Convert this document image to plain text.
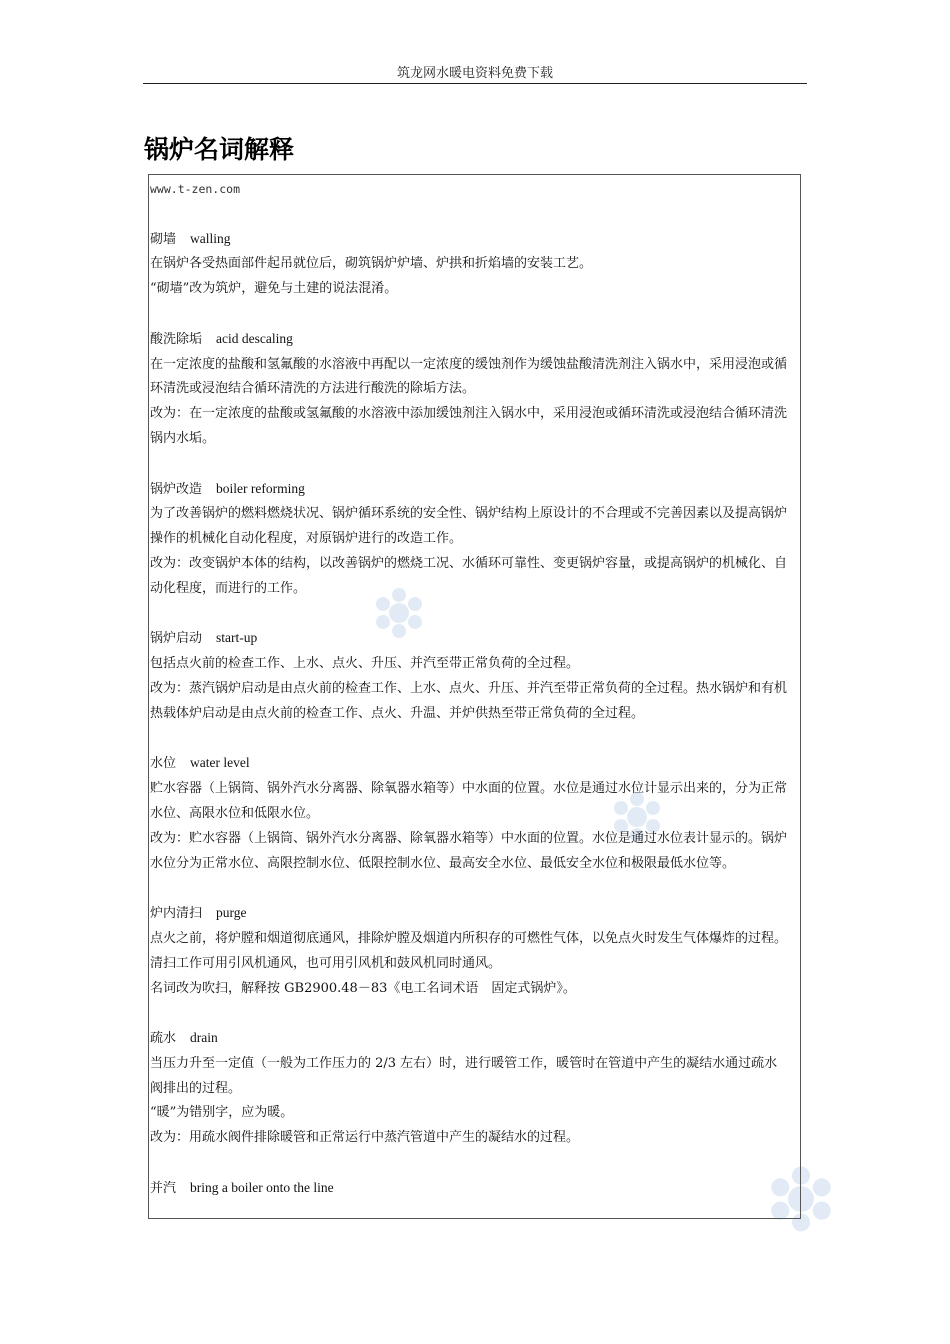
筑龙网水暖电资料免费下载
锅炉名词解释

www.t-zen.com

砌墙 walling

在锅炉各受热面部件起吊就位后，砌筑锅炉炉墙、炉拱和折焰墙的安装工艺。

“砌墙”改为筑炉，避免与土建的说法混淆。

酸洗除垢 acid descaling

在一定浓度的盐酸和氢氟酸的水溶液中再配以一定浓度的缓蚀剂作为缓蚀盐酸清洗剂注入锅水中，采用浸泡或循环清洗或浸泡结合循环清洗的方法进行酸洗的除垢方法。

改为：在一定浓度的盐酸或氢氟酸的水溶液中添加缓蚀剂注入锅水中，采用浸泡或循环清洗或浸泡结合循环清洗锅内水垢。

锅炉改造 boiler reforming

为了改善锅炉的燃料燃烧状况、锅炉循环系统的安全性、锅炉结构上原设计的不合理或不完善因素以及提高锅炉操作的机械化自动化程度，对原锅炉进行的改造工作。

改为：改变锅炉本体的结构，以改善锅炉的燃烧工况、水循环可靠性、变更锅炉容量，或提高锅炉的机械化、自动化程度，而进行的工作。

锅炉启动 start-up

包括点火前的检查工作、上水、点火、升压、并汽至带正常负荷的全过程。

改为：蒸汽锅炉启动是由点火前的检查工作、上水、点火、升压、并汽至带正常负荷的全过程。热水锅炉和有机热载体炉启动是由点火前的检查工作、点火、升温、并炉供热至带正常负荷的全过程。

水位 water level

贮水容器（上锅筒、锅外汽水分离器、除氧器水箱等）中水面的位置。水位是通过水位计显示出来的，分为正常水位、高限水位和低限水位。

改为：贮水容器（上锅筒、锅外汽水分离器、除氧器水箱等）中水面的位置。水位是通过水位表计显示的。锅炉水位分为正常水位、高限控制水位、低限控制水位、最高安全水位、最低安全水位和极限最低水位等。

炉内清扫 purge

点火之前，将炉膛和烟道彻底通风，排除炉膛及烟道内所积存的可燃性气体，以免点火时发生气体爆炸的过程。清扫工作可用引风机通风，也可用引风机和鼓风机同时通风。

名词改为吹扫，解释按 GB2900.48－83《电工名词术语　固定式锅炉》。

疏水 drain

当压力升至一定值（一般为工作压力的 2/3 左右）时，进行暖管工作，暖管时在管道中产生的凝结水通过疏水阀排出的过程。

“暖”为错别字，应为暖。

改为：用疏水阀件排除暖管和正常运行中蒸汽管道中产生的凝结水的过程。

并汽 bring a boiler onto the line
